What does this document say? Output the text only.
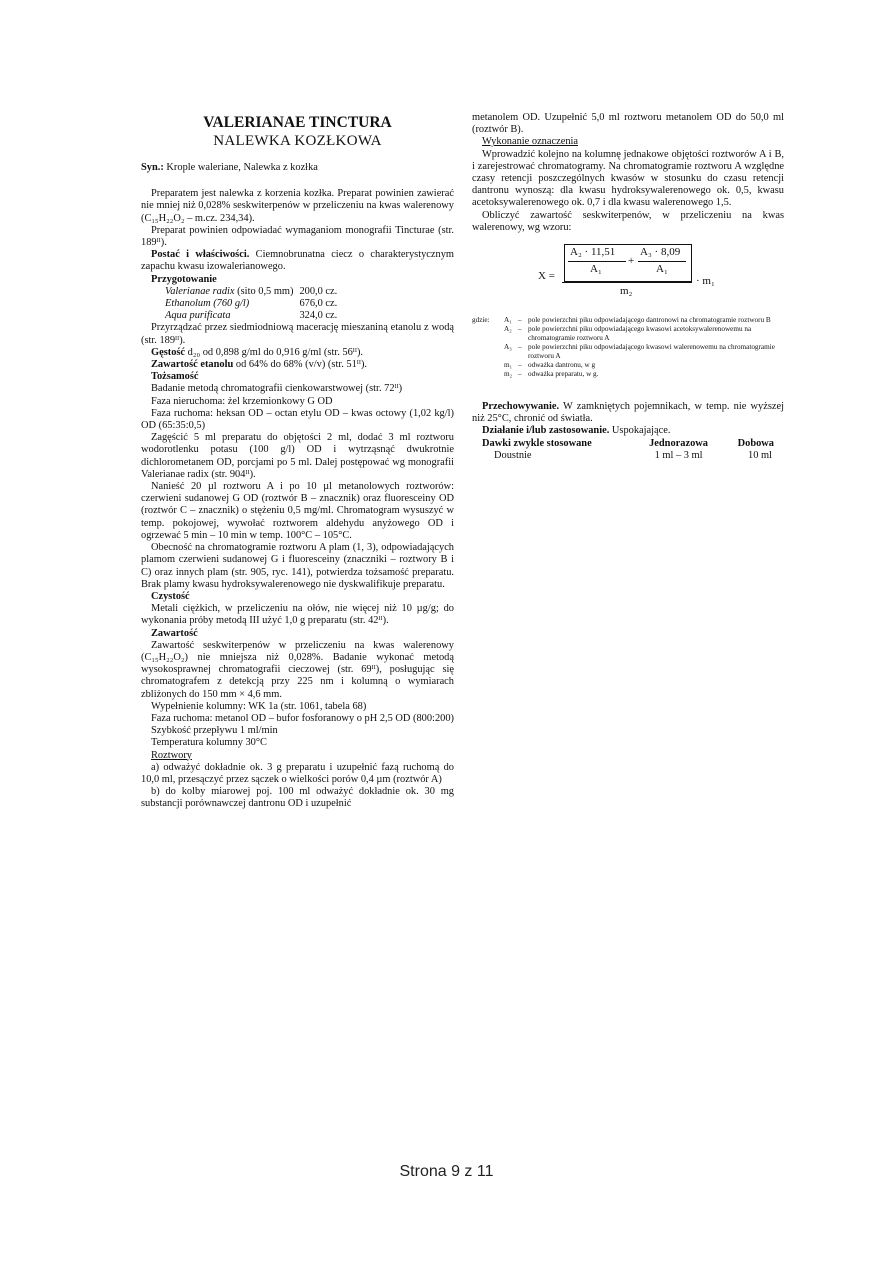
VALERIANAE TINCTURA
NALEWKA KOZŁKOWA

Syn.: Krople waleriane, Nalewka z kozłka

Preparatem jest nalewka z korzenia kozłka. Preparat powinien zawierać nie mniej niż 0,028% seskwiterpenów w przeliczeniu na kwas walerenowy (C₁₅H₂₂O₂ – m.cz. 234,34).

Preparat powinien odpowiadać wymaganiom monografii Tincturae (str. 189ᴵᴵ).

Postać i właściwości. Ciemnobrunatna ciecz o charakterystycznym zapachu kwasu izowalerianowego.

Przygotowanie

Valerianae radix (sito 0,5 mm)	200,0 cz.
Ethanolum (760 g/l)	676,0 cz.
Aqua purificata	324,0 cz.

Przyrządzać przez siedmiodniową macerację mieszaniną etanolu z wodą (str. 189ᴵᴵ).

Gęstość d₂₀ od 0,898 g/ml do 0,916 g/ml (str. 56ᴵᴵ).

Zawartość etanolu od 64% do 68% (v/v) (str. 51ᴵᴵ).

Tożsamość

Badanie metodą chromatografii cienkowarstwowej (str. 72ᴵᴵ)

Faza nieruchoma: żel krzemionkowy G OD

Faza ruchoma: heksan OD – octan etylu OD – kwas octowy (1,02 kg/l) OD (65:35:0,5)

Zagęścić 5 ml preparatu do objętości 2 ml, dodać 3 ml roztworu wodorotlenku potasu (100 g/l) OD i wytrząsnąć dwukrotnie dichlorometanem OD, porcjami po 5 ml. Dalej postępować wg monografii Valerianae radix (str. 904ᴵᴵ).

Nanieść 20 µl roztworu A i po 10 µl metanolowych roztworów: czerwieni sudanowej G OD (roztwór B – znacznik) oraz fluoresceiny OD (roztwór C – znacznik) o stężeniu 0,5 mg/ml. Chromatogram wysuszyć w temp. pokojowej, wywołać roztworem aldehydu anyżowego OD i ogrzewać 5 min – 10 min w temp. 100°C – 105°C.

Obecność na chromatogramie roztworu A plam (1, 3), odpowiadających plamom czerwieni sudanowej G i fluoresceiny (znaczniki – roztwory B i C) oraz innych plam (str. 905, ryc. 141), potwierdza tożsamość preparatu. Brak plamy kwasu hydroksywalerenowego nie dyskwalifikuje preparatu.

Czystość

Metali ciężkich, w przeliczeniu na ołów, nie więcej niż 10 µg/g; do wykonania próby metodą III użyć 1,0 g preparatu (str. 42ᴵᴵ).

Zawartość

Zawartość seskwiterpenów w przeliczeniu na kwas walerenowy (C₁₅H₂₂O₂) nie mniejsza niż 0,028%. Badanie wykonać metodą wysokosprawnej chromatografii cieczowej (str. 69ᴵᴵ), posługując się chromatografem z detekcją przy 225 nm i kolumną o wymiarach zbliżonych do 150 mm × 4,6 mm.

Wypełnienie kolumny: WK 1a (str. 1061, tabela 68)

Faza ruchoma: metanol OD – bufor fosforanowy o pH 2,5 OD (800:200)

Szybkość przepływu 1 ml/min

Temperatura kolumny 30°C

Roztwory

a) odważyć dokładnie ok. 3 g preparatu i uzupełnić fazą ruchomą do 10,0 ml, przesączyć przez sączek o wielkości porów 0,4 µm (roztwór A)

b) do kolby miarowej poj. 100 ml odważyć dokładnie ok. 30 mg substancji porównawczej dantronu OD i uzupełnić

metanolem OD. Uzupełnić 5,0 ml roztworu metanolem OD do 50,0 ml (roztwór B).

Wykonanie oznaczenia

Wprowadzić kolejno na kolumnę jednakowe objętości roztworów A i B, i zarejestrować chromatogramy. Na chromatogramie roztworu A względne czasy retencji poszczególnych kwasów w stosunku do czasu retencji dantronu wynoszą: dla kwasu hydroksywalerenowego ok. 0,5, kwasu acetoksywalerenowego ok. 0,7 i dla kwasu walerenowego 1,5.

Obliczyć zawartość seskwiterpenów, w przeliczeniu na kwas walerenowy, wg wzoru:

X =
A₂ · 11,51
A₁
+
A₃ · 8,09
A₁
m₂
· m₁
gdzie:	A₁ – pole powierzchni piku odpowiadającego dantronowi na chromatogramie roztworu B
A₂ – pole powierzchni piku odpowiadającego kwasowi acetoksywalerenowemu na chromatogramie roztworu A
A₃ – pole powierzchni piku odpowiadającego kwasowi walerenowemu na chromatogramie roztworu A
m₁ – odważka dantronu, w g
m₂ – odważka preparatu, w g.

Przechowywanie. W zamkniętych pojemnikach, w temp. nie wyższej niż 25°C, chronić od światła.

Działanie i/lub zastosowanie. Uspokajające.

Dawki zwykle stosowane	Jednorazowa	Dobowa
Doustnie	1 ml – 3 ml	10 ml
Strona 9 z 11
